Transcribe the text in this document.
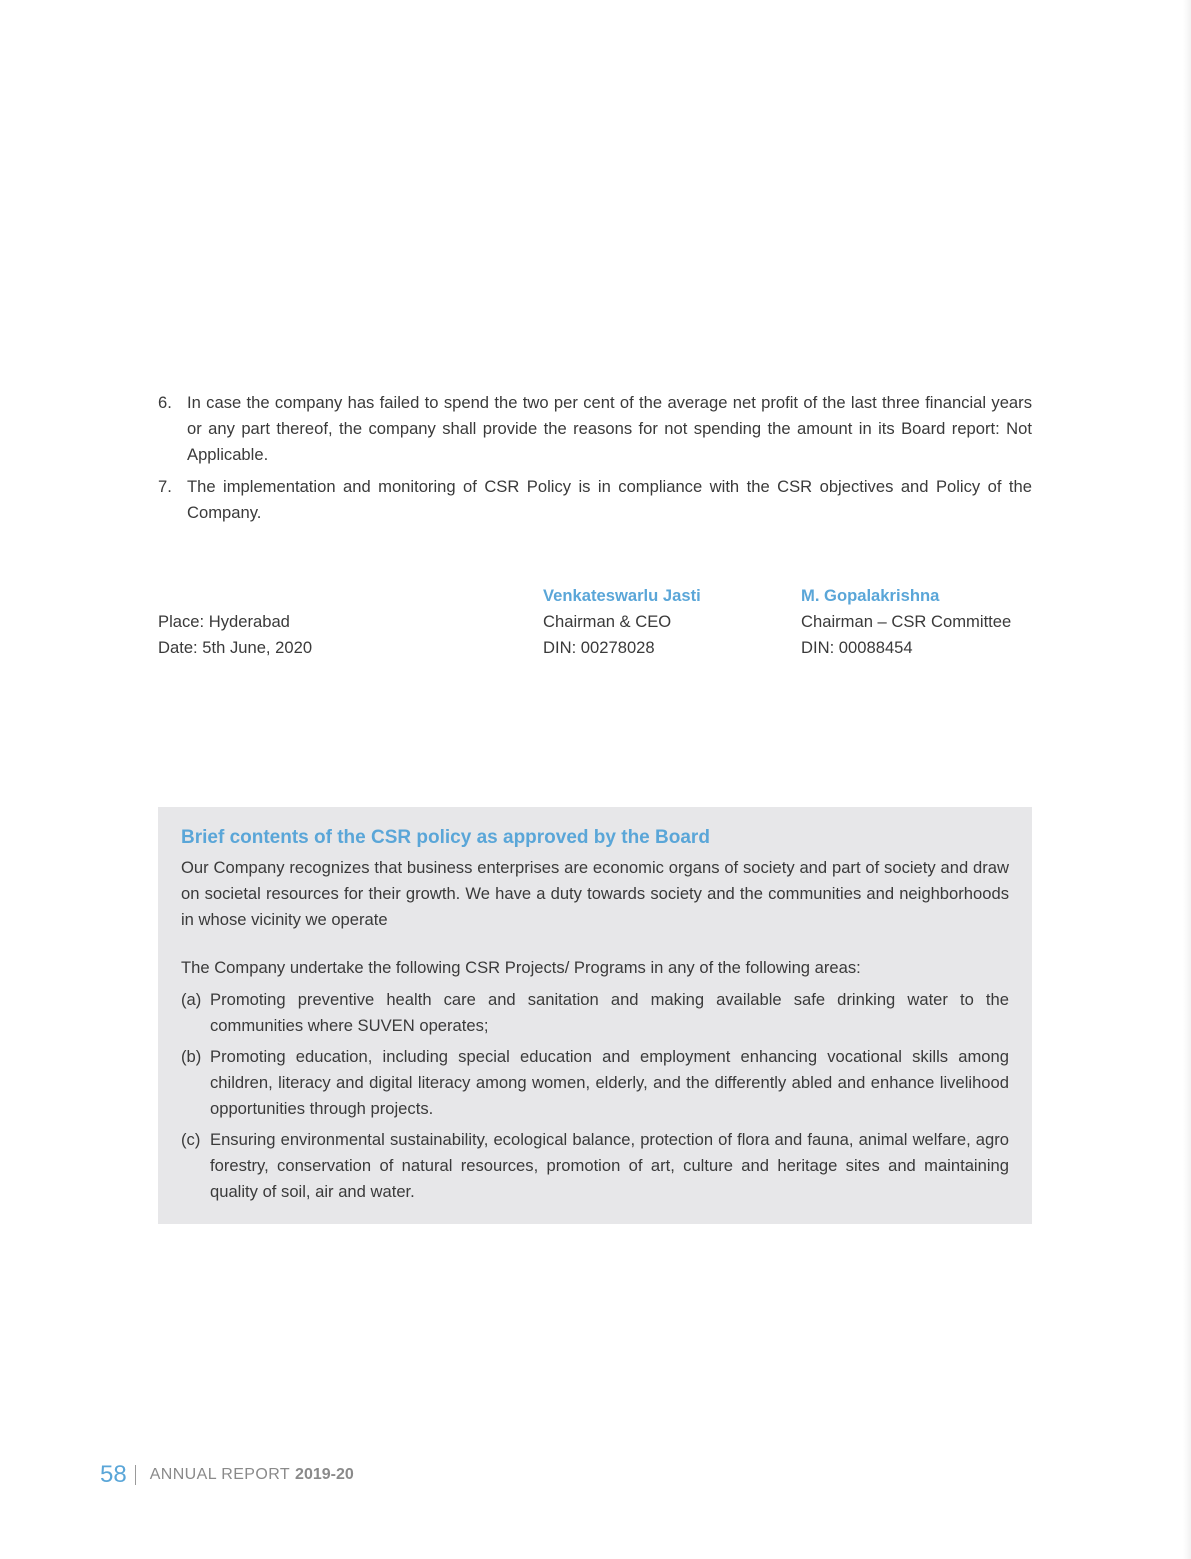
6. In case the company has failed to spend the two per cent of the average net profit of the last three financial years or any part thereof, the company shall provide the reasons for not spending the amount in its Board report: Not Applicable.
7. The implementation and monitoring of CSR Policy is in compliance with the CSR objectives and Policy of the Company.
Place: Hyderabad
Date: 5th June, 2020
Venkateswarlu Jasti
Chairman & CEO
DIN: 00278028
M. Gopalakrishna
Chairman – CSR Committee
DIN: 00088454
Brief contents of the CSR policy as approved by the Board

Our Company recognizes that business enterprises are economic organs of society and part of society and draw on societal resources for their growth. We have a duty towards society and the communities and neighborhoods in whose vicinity we operate

The Company undertake the following CSR Projects/ Programs in any of the following areas:

(a) Promoting preventive health care and sanitation and making available safe drinking water to the communities where SUVEN operates;
(b) Promoting education, including special education and employment enhancing vocational skills among children, literacy and digital literacy among women, elderly, and the differently abled and enhance livelihood opportunities through projects.
(c) Ensuring environmental sustainability, ecological balance, protection of flora and fauna, animal welfare, agro forestry, conservation of natural resources, promotion of art, culture and heritage sites and maintaining quality of soil, air and water.
58 ANNUAL REPORT 2019-20
